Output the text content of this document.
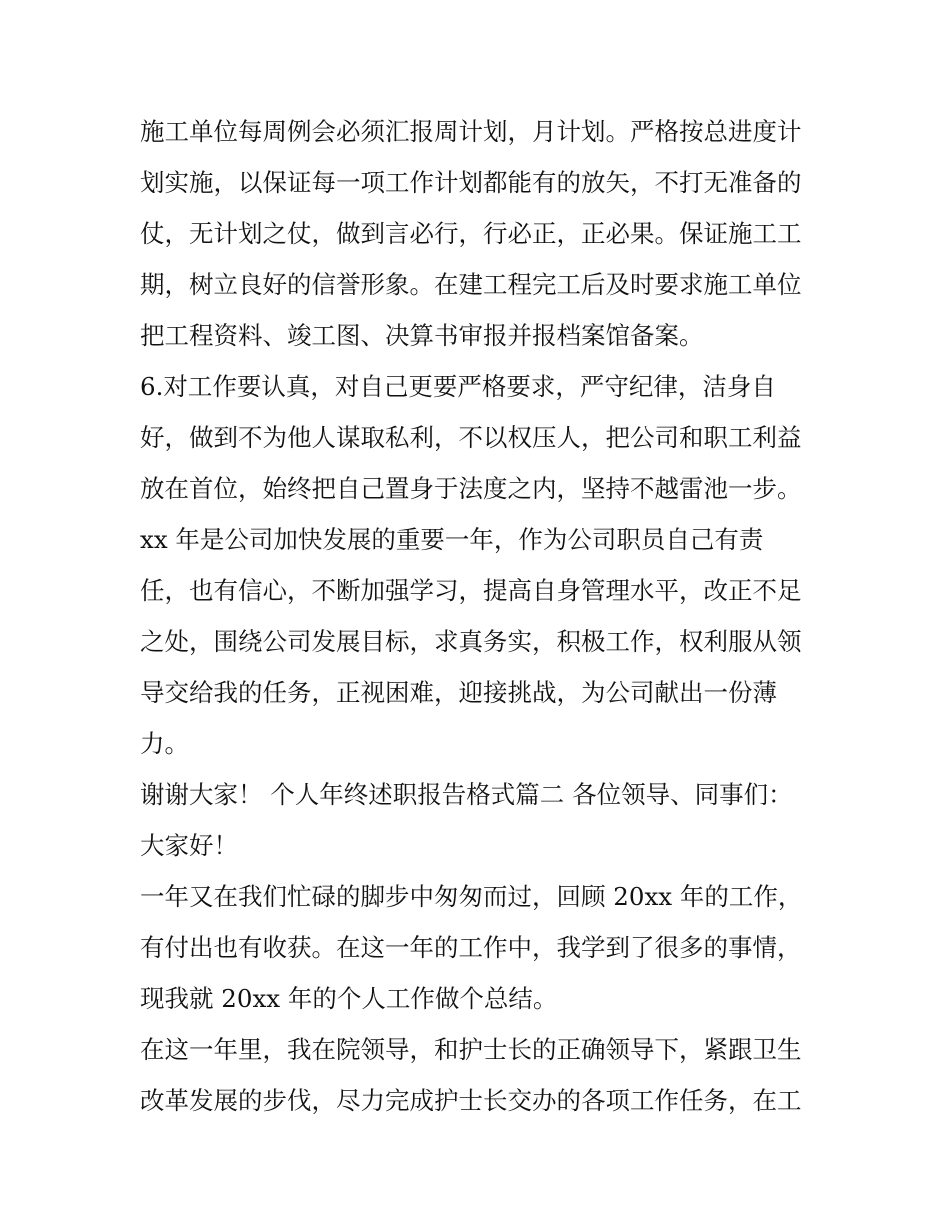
施工单位每周例会必须汇报周计划，月计划。严格按总进度计
划实施，以保证每一项工作计划都能有的放矢，不打无准备的
仗，无计划之仗，做到言必行，行必正，正必果。保证施工工
期，树立良好的信誉形象。在建工程完工后及时要求施工单位
把工程资料、竣工图、决算书审报并报档案馆备案。
6.对工作要认真，对自己更要严格要求，严守纪律，洁身自
好，做到不为他人谋取私利，不以权压人，把公司和职工利益
放在首位，始终把自己置身于法度之内，坚持不越雷池一步。
xx 年是公司加快发展的重要一年，作为公司职员自己有责
任，也有信心，不断加强学习，提高自身管理水平，改正不足
之处，围绕公司发展目标，求真务实，积极工作，权利服从领
导交给我的任务，正视困难，迎接挑战，为公司献出一份薄
力。
谢谢大家！ 个人年终述职报告格式篇二 各位领导、同事们：
大家好！
一年又在我们忙碌的脚步中匆匆而过，回顾 20xx 年的工作，
有付出也有收获。在这一年的工作中，我学到了很多的事情，
现我就 20xx 年的个人工作做个总结。
在这一年里，我在院领导，和护士长的正确领导下，紧跟卫生
改革发展的步伐，尽力完成护士长交办的各项工作任务，在工
